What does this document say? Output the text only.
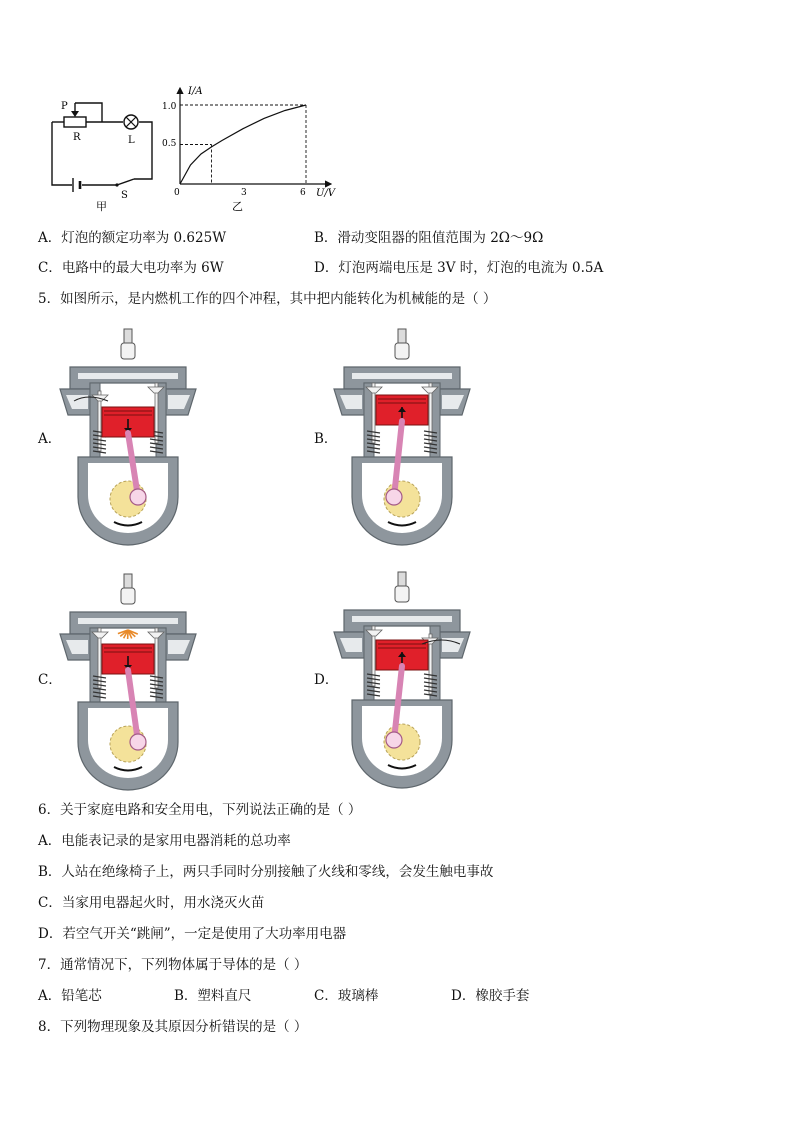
P
R	L
S
甲
I/A
U/V
0
1.0
0.5
3	6
乙
A．灯泡的额定功率为 0.625W	B．滑动变阻器的阻值范围为 2Ω～9Ω
C．电路中的最大电功率为 6W	D．灯泡两端电压是 3V 时，灯泡的电流为 0.5A
5．如图所示，是内燃机工作的四个冲程，其中把内能转化为机械能的是（ ）
A．	B．
C．	D．
6．关于家庭电路和安全用电，下列说法正确的是（ ）
A．电能表记录的是家用电器消耗的总功率
B．人站在绝缘椅子上，两只手同时分别接触了火线和零线，会发生触电事故
C．当家用电器起火时，用水浇灭火苗
D．若空气开关“跳闸”，一定是使用了大功率用电器
7．通常情况下，下列物体属于导体的是（ ）
A．铅笔芯	B．塑料直尺	C．玻璃棒	D．橡胶手套
8．下列物理现象及其原因分析错误的是（ ）
